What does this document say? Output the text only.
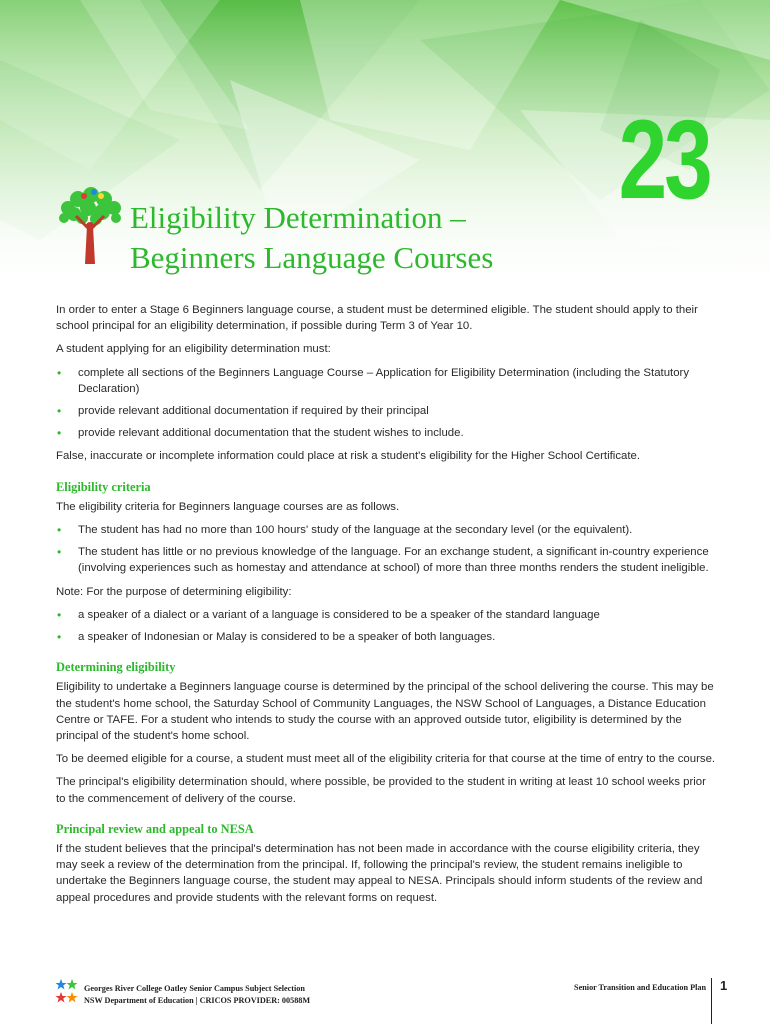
23
Eligibility Determination –
Beginners Language Courses

In order to enter a Stage 6 Beginners language course, a student must be determined eligible. The student should apply to their school principal for an eligibility determination, if possible during Term 3 of Year 10.

A student applying for an eligibility determination must:

• complete all sections of the Beginners Language Course – Application for Eligibility Determination (including the Statutory Declaration)
• provide relevant additional documentation if required by their principal
• provide relevant additional documentation that the student wishes to include.

False, inaccurate or incomplete information could place at risk a student's eligibility for the Higher School Certificate.

Eligibility criteria

The eligibility criteria for Beginners language courses are as follows.

• The student has had no more than 100 hours' study of the language at the secondary level (or the equivalent).
• The student has little or no previous knowledge of the language. For an exchange student, a significant in-country experience (involving experiences such as homestay and attendance at school) of more than three months renders the student ineligible.

Note: For the purpose of determining eligibility:

• a speaker of a dialect or a variant of a language is considered to be a speaker of the standard language
• a speaker of Indonesian or Malay is considered to be a speaker of both languages.
Determining eligibility

Eligibility to undertake a Beginners language course is determined by the principal of the school delivering the course. This may be the student's home school, the Saturday School of Community Languages, the NSW School of Languages, a Distance Education Centre or TAFE. For a student who intends to study the course with an approved outside tutor, eligibility is determined by the principal of the student's home school.

To be deemed eligible for a course, a student must meet all of the eligibility criteria for that course at the time of entry to the course.

The principal's eligibility determination should, where possible, be provided to the student in writing at least 10 school weeks prior to the commencement of delivery of the course.

Principal review and appeal to NESA

If the student believes that the principal's determination has not been made in accordance with the course eligibility criteria, they may seek a review of the determination from the principal. If, following the principal's review, the student remains ineligible to undertake the Beginners language course, the student may appeal to NESA. Principals should inform students of the review and appeal procedures and provide students with the relevant forms on request.

Georges River College Oatley Senior Campus Subject Selection
NSW Department of Education | CRICOS PROVIDER: 00588M
Senior Transition and Education Plan 1
